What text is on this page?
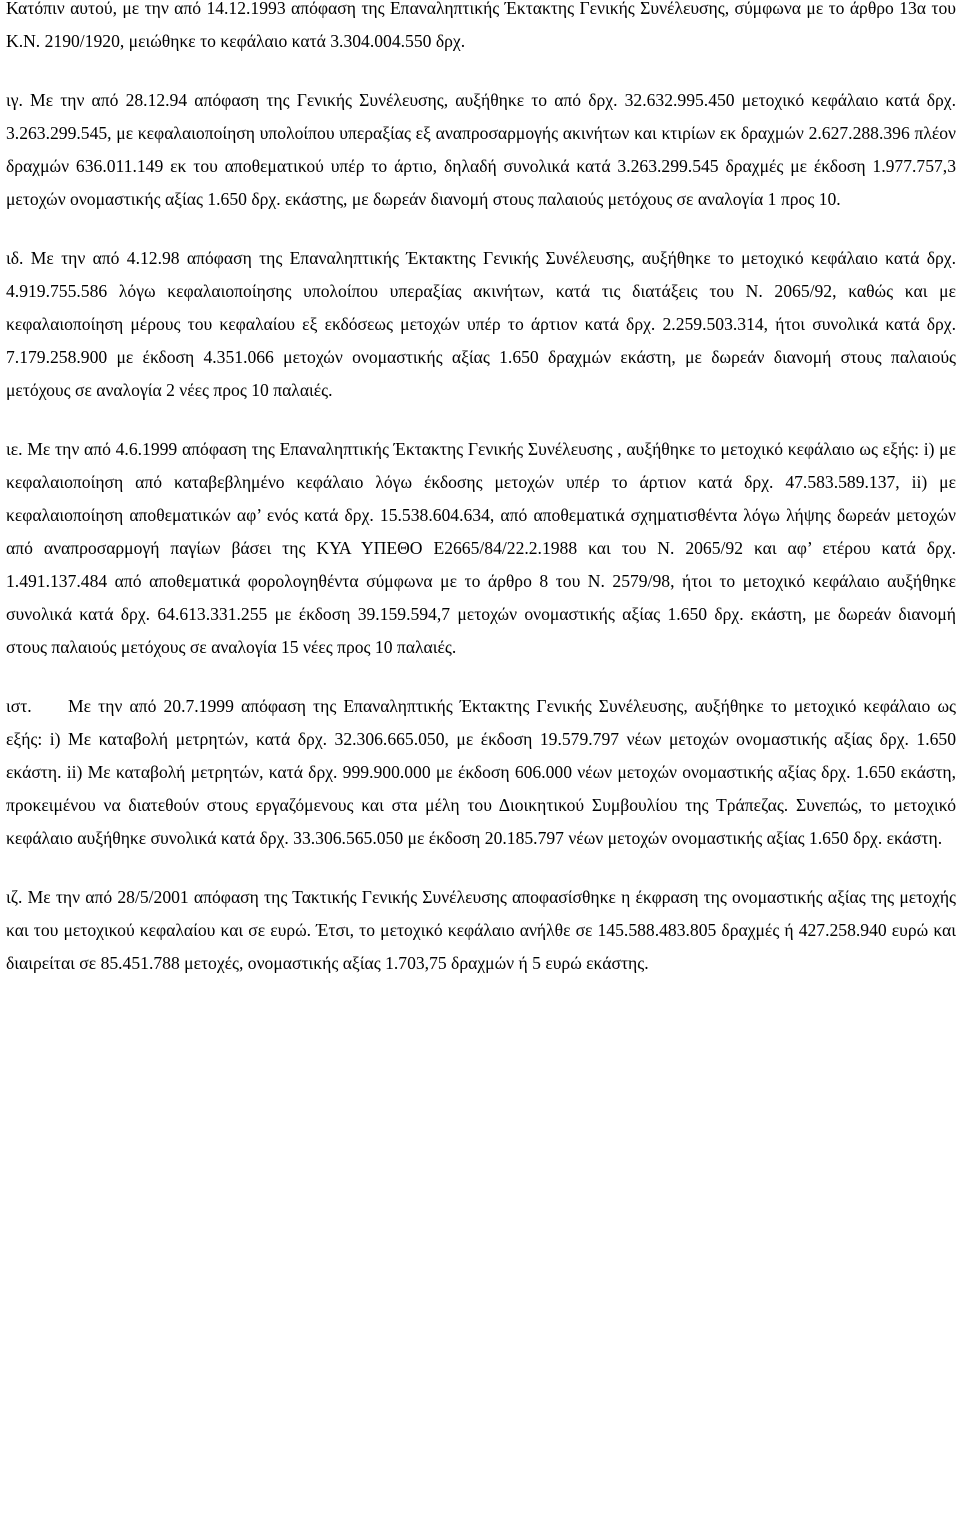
Κατόπιν αυτού, με την από 14.12.1993 απόφαση της Επαναληπτικής Έκτακτης Γενικής Συνέλευσης, σύμφωνα με το άρθρο 13α του Κ.Ν. 2190/1920, μειώθηκε το κεφάλαιο κατά 3.304.004.550 δρχ.

ιγ. Με την από 28.12.94 απόφαση της Γενικής Συνέλευσης, αυξήθηκε το από δρχ. 32.632.995.450 μετοχικό κεφάλαιο κατά δρχ. 3.263.299.545, με κεφαλαιοποίηση υπολοίπου υπεραξίας εξ αναπροσαρμογής ακινήτων και κτιρίων εκ δραχμών 2.627.288.396 πλέον δραχμών 636.011.149 εκ του αποθεματικού υπέρ το άρτιο, δηλαδή συνολικά κατά 3.263.299.545 δραχμές με έκδοση 1.977.757,3 μετοχών ονομαστικής αξίας 1.650 δρχ. εκάστης, με δωρεάν διανομή στους παλαιούς μετόχους σε αναλογία 1 προς 10.

ιδ. Με την από 4.12.98 απόφαση της Επαναληπτικής Έκτακτης Γενικής Συνέλευσης, αυξήθηκε το μετοχικό κεφάλαιο κατά δρχ. 4.919.755.586 λόγω κεφαλαιοποίησης υπολοίπου υπεραξίας ακινήτων, κατά τις διατάξεις του Ν. 2065/92, καθώς και με κεφαλαιοποίηση μέρους του κεφαλαίου εξ εκδόσεως μετοχών υπέρ το άρτιον κατά δρχ. 2.259.503.314, ήτοι συνολικά κατά δρχ. 7.179.258.900 με έκδοση 4.351.066 μετοχών ονομαστικής αξίας 1.650 δραχμών εκάστη, με δωρεάν διανομή στους παλαιούς μετόχους σε αναλογία 2 νέες προς 10 παλαιές.

ιε. Με την από 4.6.1999 απόφαση της Επαναληπτικής Έκτακτης Γενικής Συνέλευσης , αυξήθηκε το μετοχικό κεφάλαιο ως εξής: i) με κεφαλαιοποίηση από καταβεβλημένο κεφάλαιο λόγω έκδοσης μετοχών υπέρ το άρτιον κατά δρχ. 47.583.589.137, ii) με κεφαλαιοποίηση αποθεματικών αφ’ ενός κατά δρχ. 15.538.604.634, από αποθεματικά σχηματισθέντα λόγω λήψης δωρεάν μετοχών από αναπροσαρμογή παγίων βάσει της ΚΥΑ ΥΠΕΘΟ Ε2665/84/22.2.1988 και του Ν. 2065/92 και αφ’ ετέρου κατά δρχ. 1.491.137.484 από αποθεματικά φορολογηθέντα σύμφωνα με το άρθρο 8 του Ν. 2579/98, ήτοι το μετοχικό κεφάλαιο αυξήθηκε συνολικά κατά δρχ. 64.613.331.255 με έκδοση 39.159.594,7 μετοχών ονομαστικής αξίας 1.650 δρχ. εκάστη, με δωρεάν διανομή στους παλαιούς μετόχους σε αναλογία 15 νέες προς 10 παλαιές.

ιστ. Με την από 20.7.1999 απόφαση της Επαναληπτικής Έκτακτης Γενικής Συνέλευσης, αυξήθηκε το μετοχικό κεφάλαιο ως εξής: i) Με καταβολή μετρητών, κατά δρχ. 32.306.665.050, με έκδοση 19.579.797 νέων μετοχών ονομαστικής αξίας δρχ. 1.650 εκάστη. ii) Με καταβολή μετρητών, κατά δρχ. 999.900.000 με έκδοση 606.000 νέων μετοχών ονομαστικής αξίας δρχ. 1.650 εκάστη, προκειμένου να διατεθούν στους εργαζόμενους και στα μέλη του Διοικητικού Συμβουλίου της Τράπεζας. Συνεπώς, το μετοχικό κεφάλαιο αυξήθηκε συνολικά κατά δρχ. 33.306.565.050 με έκδοση 20.185.797 νέων μετοχών ονομαστικής αξίας 1.650 δρχ. εκάστη.

ιζ. Με την από 28/5/2001 απόφαση της Τακτικής Γενικής Συνέλευσης αποφασίσθηκε η έκφραση της ονομαστικής αξίας της μετοχής και του μετοχικού κεφαλαίου και σε ευρώ. Έτσι, το μετοχικό κεφάλαιο ανήλθε σε 145.588.483.805 δραχμές ή 427.258.940 ευρώ και διαιρείται σε 85.451.788 μετοχές, ονομαστικής αξίας 1.703,75 δραχμών ή 5 ευρώ εκάστης.
